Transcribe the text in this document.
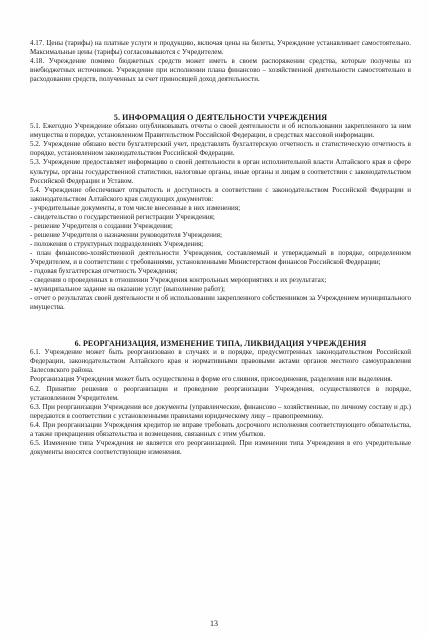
4.17. Цены (тарифы) на платные услуги и продукцию, включая цены на билеты, Учреждение устанавливает самостоятельно. Максимальные цены (тарифы) согласовываются с Учредителем.

4.18. Учреждение помимо бюджетных средств может иметь в своем распоряжении средства, которые получены из внебюджетных источников. Учреждение при исполнении плана финансово – хозяйственной деятельности самостоятельно в расходовании средств, полученных за счет приносящей доход деятельности.

5. ИНФОРМАЦИЯ О ДЕЯТЕЛЬНОСТИ УЧРЕЖДЕНИЯ

5.1. Ежегодно Учреждение обязано опубликовывать отчеты о своей деятельности и об использовании закрепленного за ним имущества в порядке, установленном Правительством Российской Федерации, в средствах массовой информации.

5.2. Учреждение обязано вести бухгалтерский учет, представлять бухгалтерскую отчетность и статистическую отчетность в порядке, установленном законодательством Российской Федерации.

5.3. Учреждение предоставляет информацию о своей деятельности в орган исполнительной власти Алтайского края в сфере культуры, органы государственной статистики, налоговые органы, иные органы и лицам в соответствии с законодательством Российской Федерации и Уставом.

5.4. Учреждение обеспечивает открытость и доступность в соответствии с законодательством Российской Федерации и законодательством Алтайского края следующих документов:

- учредительные документы, в том числе внесенные в них изменения;

- свидетельство о государственной регистрации Учреждения;

- решение Учредителя о создании Учреждения;

- решение Учредителя о назначении руководителя Учреждения;

- положения о структурных подразделениях Учреждения;

- план финансово-хозяйственной деятельности Учреждения, составляемый и утверждаемый в порядке, определенном Учредителем, и в соответствии с требованиями, установленными Министерством финансов Российской Федерации;

- годовая бухгалтерская отчетность Учреждения;

- сведения о проведенных в отношении Учреждения контрольных мероприятиях и их результатах;

- муниципальное задание на оказание услуг (выполнение работ);

- отчет о результатах своей деятельности и об использовании закрепленного собственником за Учреждением муниципального имущества.

6. РЕОРГАНИЗАЦИЯ, ИЗМЕНЕНИЕ ТИПА, ЛИКВИДАЦИЯ УЧРЕЖДЕНИЯ

6.1. Учреждение может быть реорганизовано в случаях и в порядке, предусмотренных законодательством Российской Федерации, законодательством Алтайского края и нормативными правовыми актами органов местного самоуправления Залесовского района.

Реорганизация Учреждения может быть осуществлена в форме его слияния, присоединения, разделения или выделения.

6.2. Принятие решения о реорганизации и проведение реорганизации Учреждения, осуществляются в порядке, установленном Учредителем.

6.3. При реорганизации Учреждения все документы (управленческие, финансово – хозяйственные, по личному составу и др.) передаются в соответствии с установленными правилами юридическому лицу – правопреемнику.

6.4. При реорганизации Учреждения кредитор не вправе требовать досрочного исполнения соответствующего обязательства, а также прекращения обязательства и возмещения, связанных с этим убытков.

6.5. Изменение типа Учреждения не является его реорганизацией. При изменении типа Учреждения в его учредительные документы вносятся соответствующие изменения.

13
